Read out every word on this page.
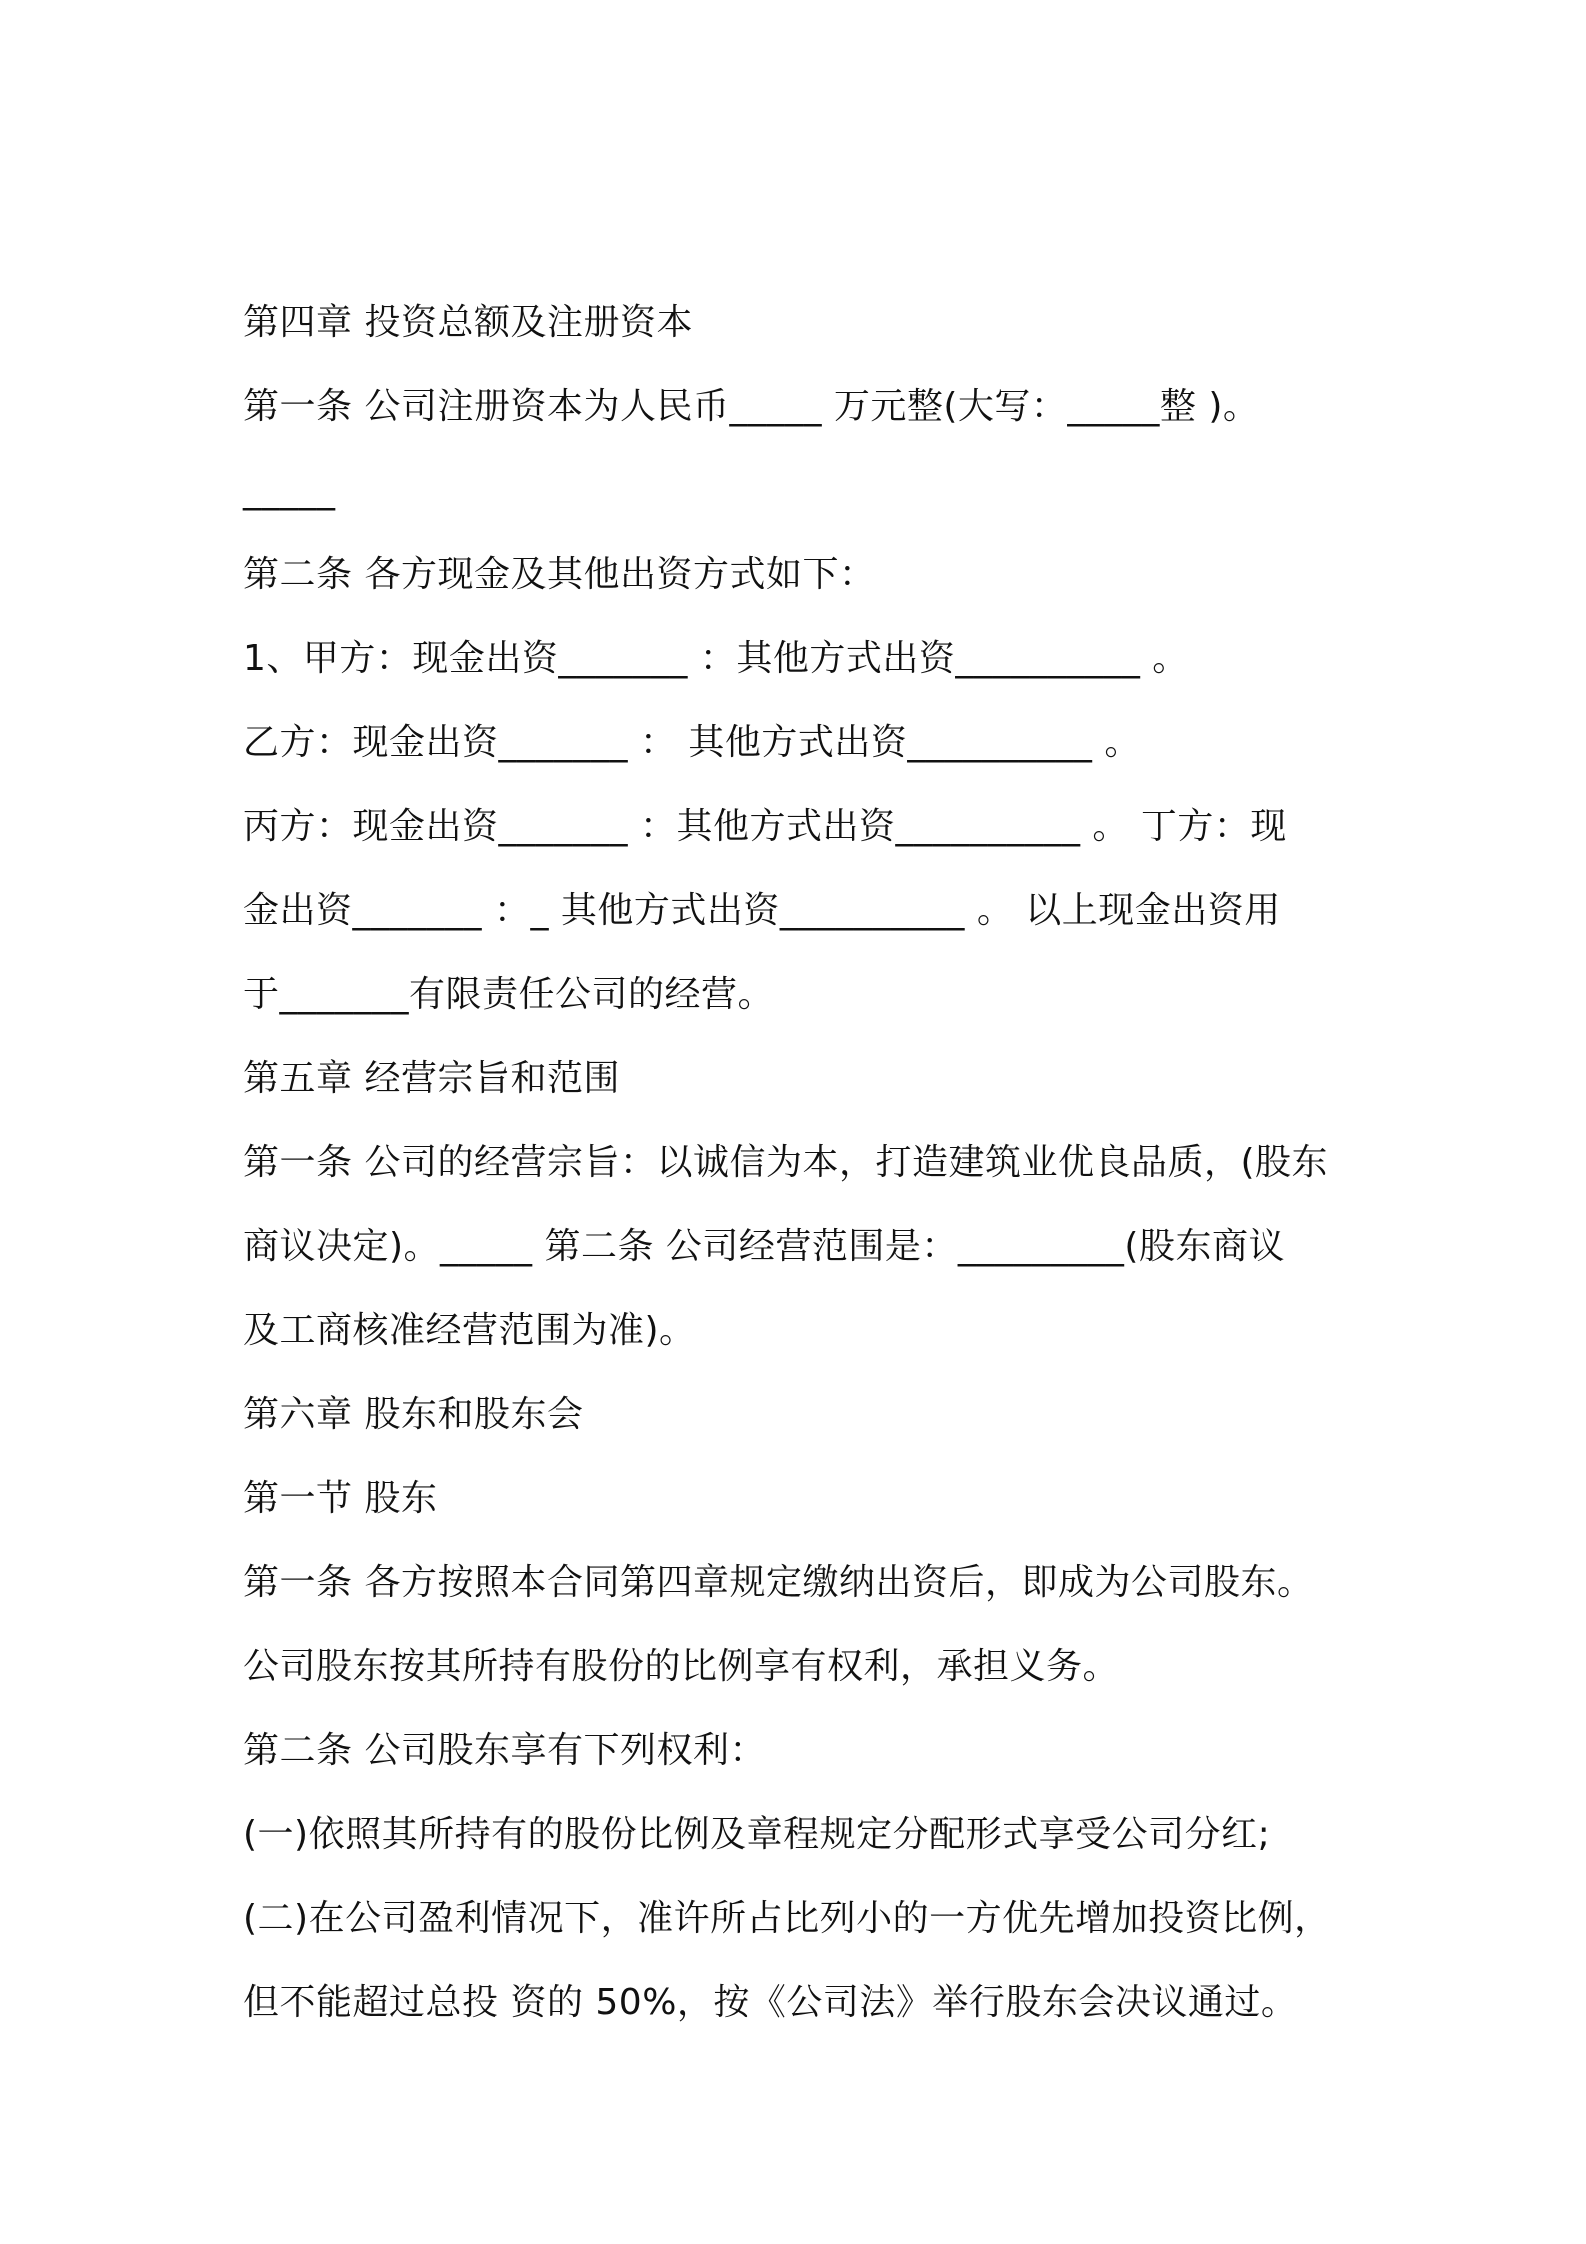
第四章 投资总额及注册资本
第一条 公司注册资本为人民币_____ 万元整(大写：_____整 )。
_____
第二条 各方现金及其他出资方式如下：
1、甲方：现金出资_______ ：其他方式出资__________ 。
乙方：现金出资_______ ： 其他方式出资__________ 。
丙方：现金出资_______ ：其他方式出资__________ 。 丁方：现
金出资_______ ：_ 其他方式出资__________ 。 以上现金出资用
于_______有限责任公司的经营。
第五章 经营宗旨和范围
第一条 公司的经营宗旨：以诚信为本，打造建筑业优良品质，(股东
商议决定)。_____ 第二条 公司经营范围是：_________(股东商议
及工商核准经营范围为准)。
第六章 股东和股东会
第一节 股东
第一条 各方按照本合同第四章规定缴纳出资后，即成为公司股东。
公司股东按其所持有股份的比例享有权利，承担义务。
第二条 公司股东享有下列权利：
(一)依照其所持有的股份比例及章程规定分配形式享受公司分红;
(二)在公司盈利情况下，准许所占比列小的一方优先增加投资比例，
但不能超过总投 资的 50%，按《公司法》举行股东会决议通过。
